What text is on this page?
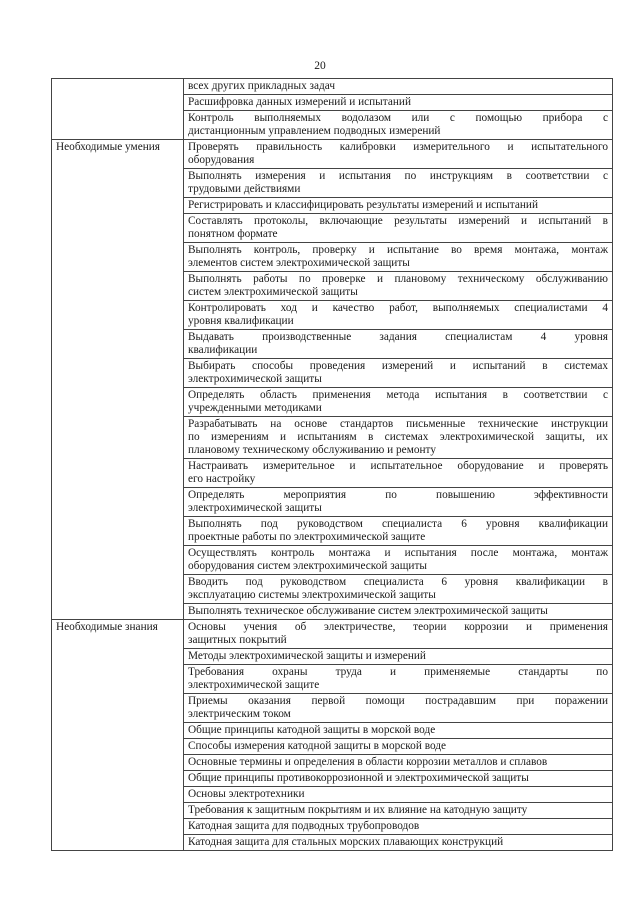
20

	всех других прикладных задач

	Расшифровка данных измерений и испытаний

	Контроль выполняемых водолазом или с помощью прибора с
дистанционным управлением подводных измерений

Необходимые умения	Проверять правильность калибровки измерительного и испытательного
оборудования

	Выполнять измерения и испытания по инструкциям в соответствии с
трудовыми действиями

	Регистрировать и классифицировать результаты измерений и испытаний

	Составлять протоколы, включающие результаты измерений и испытаний в
понятном формате

	Выполнять контроль, проверку и испытание во время монтажа, монтаж
элементов систем электрохимической защиты

	Выполнять работы по проверке и плановому техническому обслуживанию
систем электрохимической защиты

	Контролировать ход и качество работ, выполняемых специалистами 4
уровня квалификации

	Выдавать производственные задания специалистам 4 уровня
квалификации

	Выбирать способы проведения измерений и испытаний в системах
электрохимической защиты

	Определять область применения метода испытания в соответствии с
учрежденными методиками

	Разрабатывать на основе стандартов письменные технические инструкции
по измерениям и испытаниям в системах электрохимической защиты, их
плановому техническому обслуживанию и ремонту

	Настраивать измерительное и испытательное оборудование и проверять
его настройку

	Определять мероприятия по повышению эффективности
электрохимической защиты

	Выполнять под руководством специалиста 6 уровня квалификации
проектные работы по электрохимической защите

	Осуществлять контроль монтажа и испытания после монтажа, монтаж
оборудования систем электрохимической защиты

	Вводить под руководством специалиста 6 уровня квалификации в
эксплуатацию системы электрохимической защиты

	Выполнять техническое обслуживание систем электрохимической защиты

Необходимые знания	Основы учения об электричестве, теории коррозии и применения
защитных покрытий

	Методы электрохимической защиты и измерений

	Требования охраны труда и применяемые стандарты по
электрохимической защите

	Приемы оказания первой помощи пострадавшим при поражении
электрическим током

	Общие принципы катодной защиты в морской воде

	Способы измерения катодной защиты в морской воде

	Основные термины и определения в области коррозии металлов и сплавов

	Общие принципы противокоррозионной и электрохимической защиты

	Основы электротехники

	Требования к защитным покрытиям и их влияние на катодную защиту

	Катодная защита для подводных трубопроводов

	Катодная защита для стальных морских плавающих конструкций
